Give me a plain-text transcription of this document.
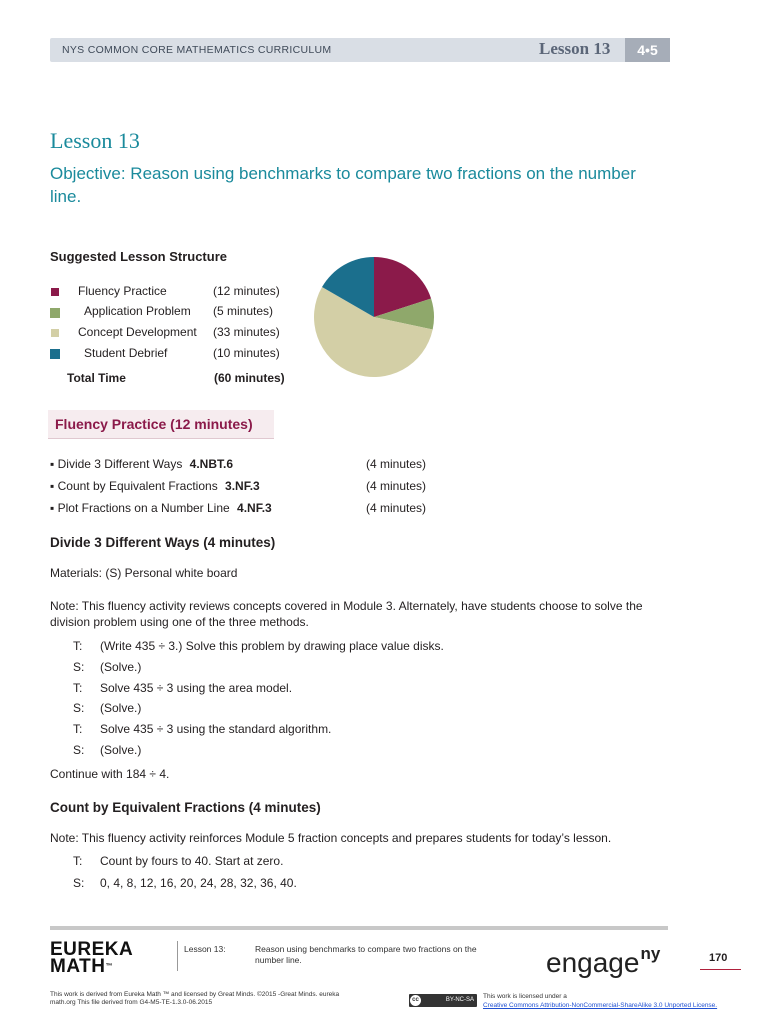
NYS COMMON CORE MATHEMATICS CURRICULUM	Lesson 13	4•5
Lesson 13
Objective: Reason using benchmarks to compare two fractions on the number line.
Suggested Lesson Structure
Fluency Practice	(12 minutes)
Application Problem (5 minutes)
Concept Development (33 minutes)
Student Debrief	(10 minutes)
Total Time	(60 minutes)
Fluency Practice (12 minutes)
▪ Divide 3 Different Ways 4.NBT.6	(4 minutes)
▪ Count by Equivalent Fractions 3.NF.3	(4 minutes)
▪ Plot Fractions on a Number Line 4.NF.3	(4 minutes)
Divide 3 Different Ways (4 minutes)
Materials: (S) Personal white board
Note: This fluency activity reviews concepts covered in Module 3. Alternately, have students choose to solve the division problem using one of the three methods.
T: (Write 435 ÷ 3.) Solve this problem by drawing place value disks.
S: (Solve.)
T: Solve 435 ÷ 3 using the area model.
S: (Solve.)
T: Solve 435 ÷ 3 using the standard algorithm.
S: (Solve.)
Continue with 184 ÷ 4.
Count by Equivalent Fractions (4 minutes)
Note: This fluency activity reinforces Module 5 fraction concepts and prepares students for today’s lesson.
T: Count by fours to 40. Start at zero.
S: 0, 4, 8, 12, 16, 20, 24, 28, 32, 36, 40.
EUREKA
MATH™
Lesson 13:	Reason using benchmarks to compare two fractions on the number line.	engage$^{ny}$	170
This work is derived from Eureka Math ™ and licensed by Great Minds. ©2015 -Great Minds. eureka math.org This file derived from G4-M5-TE-1.3.0-06.2015	cc	BY-NC-SA	This work is licensed under a
Creative Commons Attribution-NonCommercial-ShareAlike 3.0 Unported License.
